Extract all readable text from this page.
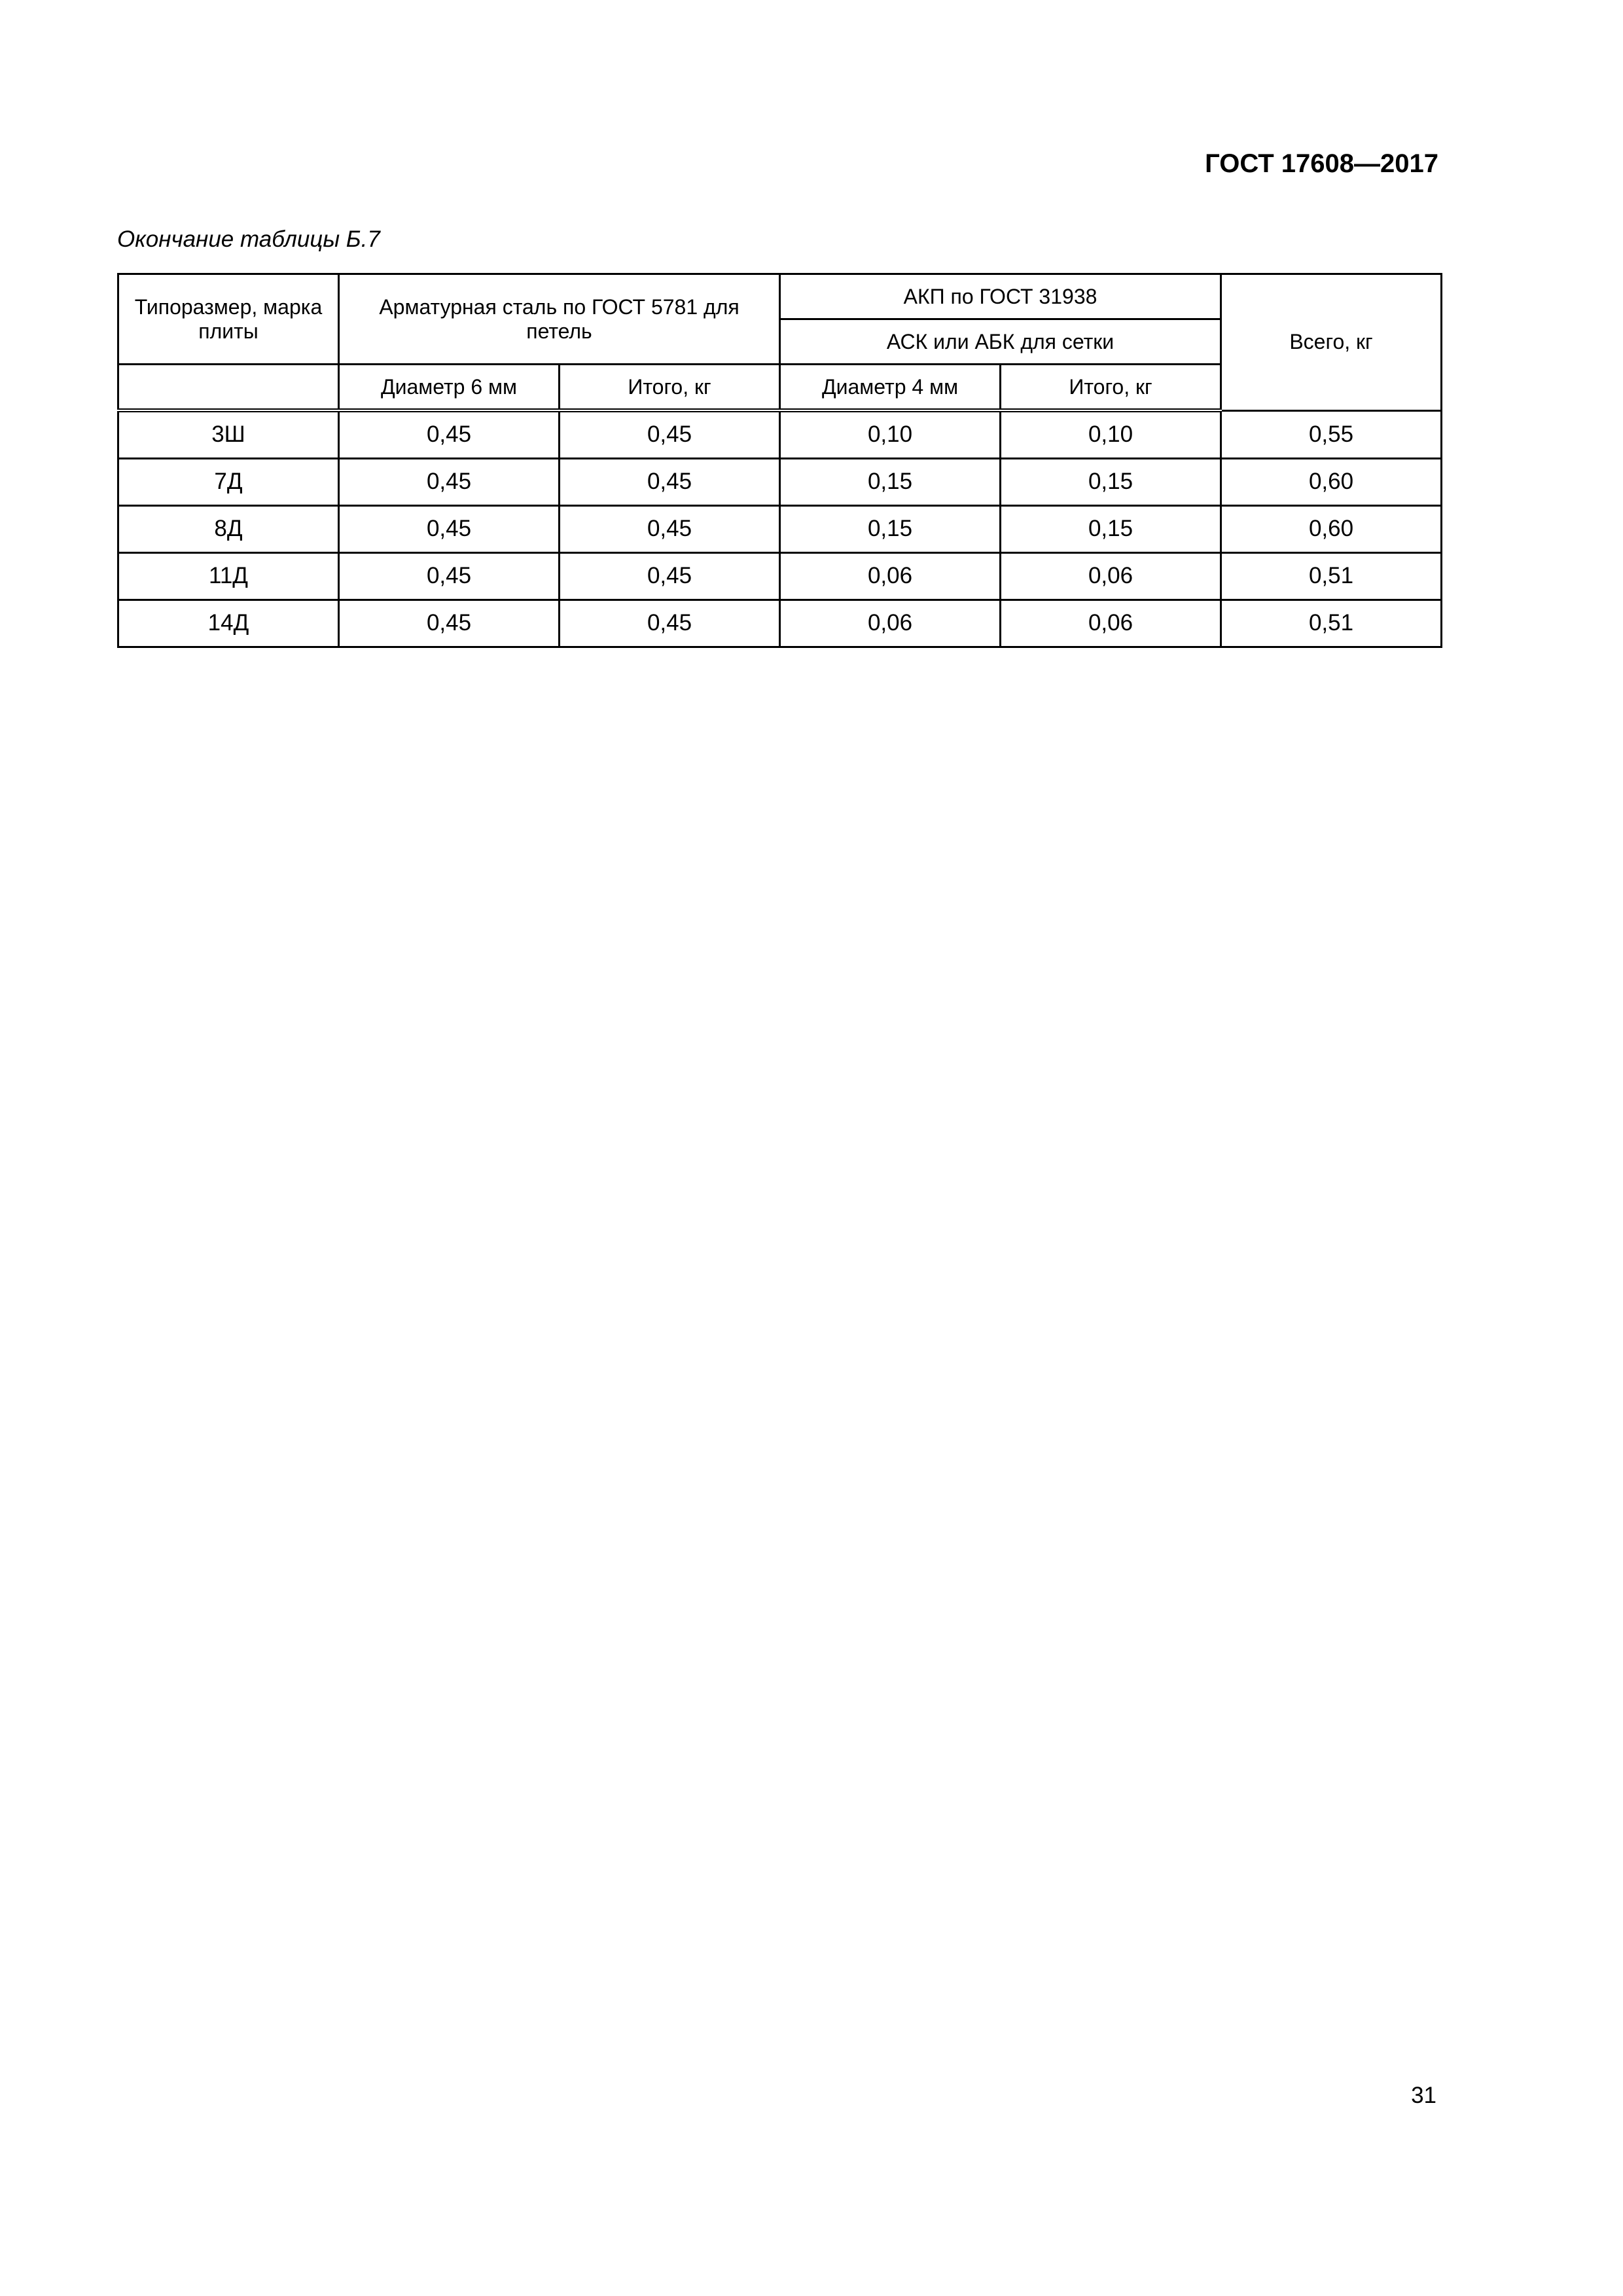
ГОСТ 17608—2017
Окончание таблицы Б.7
Типоразмер, марка плиты	Арматурная сталь по ГОСТ 5781 для петель		АКП по ГОСТ 31938		Всего, кг
			АСК или АБК для сетки		
	Диаметр 6 мм	Итого, кг	Диаметр 4 мм	Итого, кг	
3Ш	0,45	0,45	0,10	0,10	0,55
7Д	0,45	0,45	0,15	0,15	0,60
8Д	0,45	0,45	0,15	0,15	0,60
11Д	0,45	0,45	0,06	0,06	0,51
14Д	0,45	0,45	0,06	0,06	0,51
31
